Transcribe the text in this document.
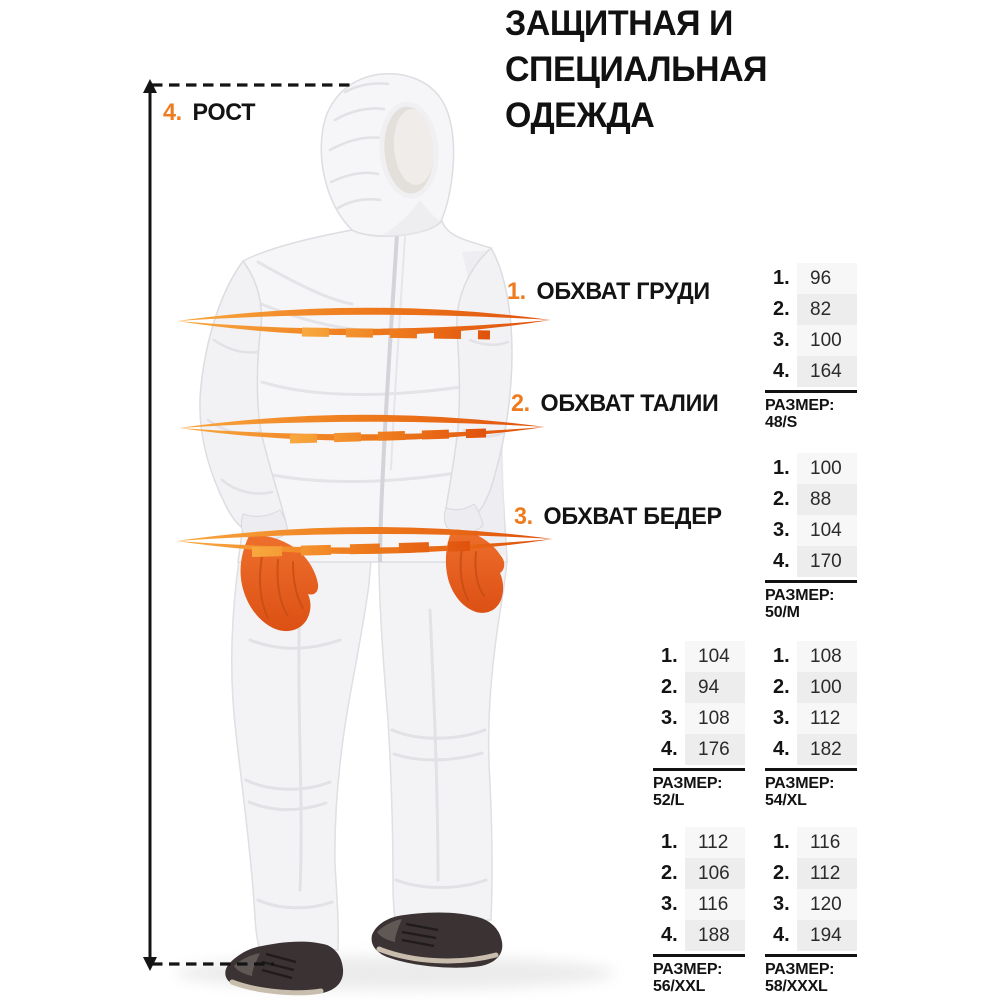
ЗАЩИТНАЯ И
СПЕЦИАЛЬНАЯ
ОДЕЖДА
4. РОСТ
1. ОБХВАТ ГРУДИ
2. ОБХВАТ ТАЛИИ
3. ОБХВАТ БЕДЕР
1.	96
2.	82
3.	100
4.	164
РАЗМЕР:
48/S
1.	100
2.	88
3.	104
4.	170
РАЗМЕР:
50/M
1.	104
2.	94
3.	108
4.	176
РАЗМЕР:
52/L
1.	108
2.	100
3.	112
4.	182
РАЗМЕР:
54/XL
1.	112
2.	106
3.	116
4.	188
РАЗМЕР:
56/XXL
1.	116
2.	112
3.	120
4.	194
РАЗМЕР:
58/XXXL
